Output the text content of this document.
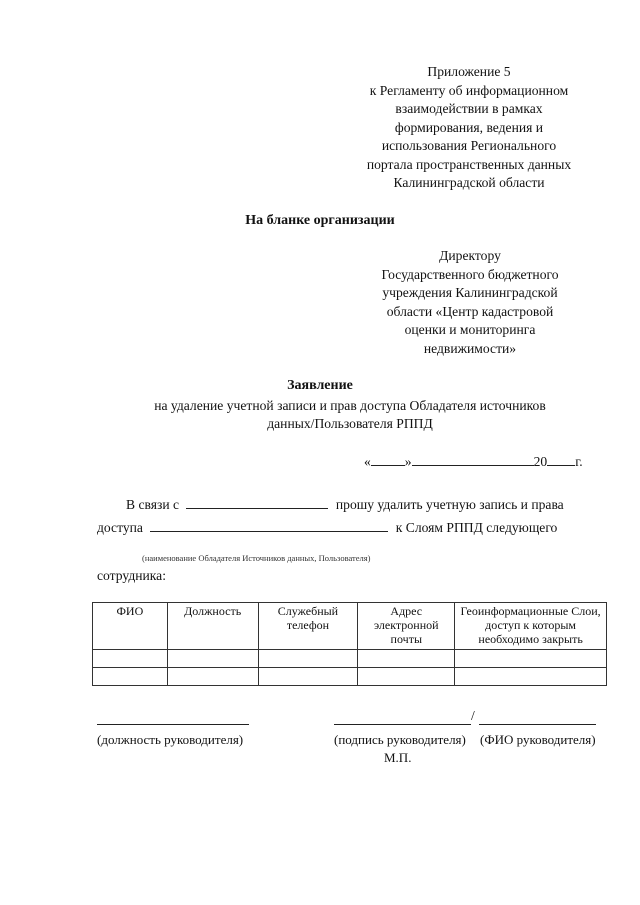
Приложение 5
к Регламенту об информационном
взаимодействии в рамках
формирования, ведения и
использования Регионального
портала пространственных данных
Калининградской области
На бланке организации
Директору
Государственного бюджетного
учреждения Калининградской
области «Центр кадастровой
оценки и мониторинга
недвижимости»
Заявление
на удаление учетной записи и прав доступа Обладателя источников
данных/Пользователя РППД
«	»	20 г.
В связи с	прошу удалить учетную запись и права
доступа	к Слоям РППД следующего
(наименование Обладателя Источников данных, Пользователя)
сотрудника:
ФИО	Должность	Служебный телефон	Адрес электронной почты	Геоинформационные Слои, доступ к которым необходимо закрыть

(должность руководителя)
/
(подпись руководителя) (ФИО руководителя)
М.П.
